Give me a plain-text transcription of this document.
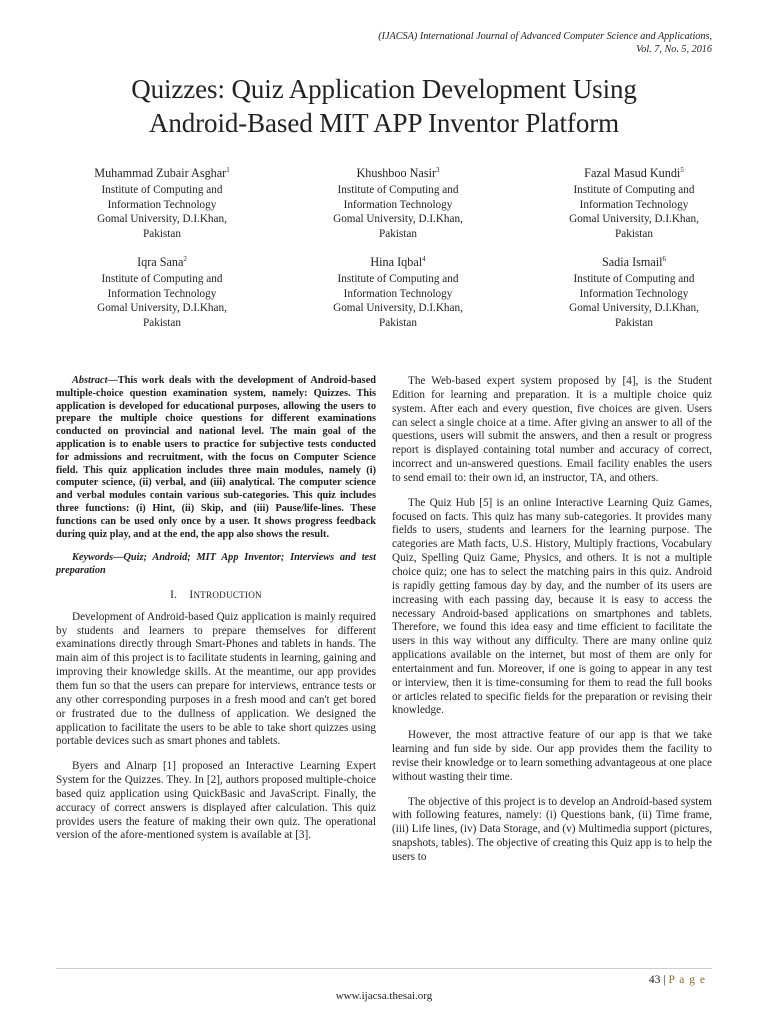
(IJACSA) International Journal of Advanced Computer Science and Applications,
Vol. 7, No. 5, 2016
Quizzes: Quiz Application Development Using
Android-Based MIT APP Inventor Platform
Muhammad Zubair Asghar$^1$
Institute of Computing and
Information Technology
Gomal University, D.I.Khan,
Pakistan
Khushboo Nasir$^3$
Institute of Computing and
Information Technology
Gomal University, D.I.Khan,
Pakistan
Fazal Masud Kundi$^5$
Institute of Computing and
Information Technology
Gomal University, D.I.Khan,
Pakistan
Iqra Sana$^2$
Institute of Computing and
Information Technology
Gomal University, D.I.Khan,
Pakistan
Hina Iqbal$^4$
Institute of Computing and
Information Technology
Gomal University, D.I.Khan,
Pakistan
Sadia Ismail$^6$
Institute of Computing and
Information Technology
Gomal University, D.I.Khan,
Pakistan

Abstract—This work deals with the development of Android-based multiple-choice question examination system, namely: Quizzes. This application is developed for educational purposes, allowing the users to prepare the multiple choice questions for different examinations conducted on provincial and national level. The main goal of the application is to enable users to practice for subjective tests conducted for admissions and recruitment, with the focus on Computer Science field. This quiz application includes three main modules, namely (i) computer science, (ii) verbal, and (iii) analytical. The computer science and verbal modules contain various sub-categories. This quiz includes three functions: (i) Hint, (ii) Skip, and (iii) Pause/life-lines. These functions can be used only once by a user. It shows progress feedback during quiz play, and at the end, the app also shows the result.

Keywords—Quiz; Android; MIT App Inventor; Interviews and test preparation

I. INTRODUCTION

Development of Android-based Quiz application is mainly required by students and learners to prepare themselves for different examinations directly through Smart-Phones and tablets in hands. The main aim of this project is to facilitate students in learning, gaining and improving their knowledge skills. At the meantime, our app provides them fun so that the users can prepare for interviews, entrance tests or any other corresponding purposes in a fresh mood and can't get bored or frustrated due to the dullness of application. We designed the application to facilitate the users to be able to take short quizzes using portable devices such as smart phones and tablets.

Byers and Alnarp [1] proposed an Interactive Learning Expert System for the Quizzes. They. In [2], authors proposed multiple-choice based quiz application using QuickBasic and JavaScript. Finally, the accuracy of correct answers is displayed after calculation. This quiz provides users the feature of making their own quiz. The operational version of the afore-mentioned system is available at [3].

The Web-based expert system proposed by [4], is the Student Edition for learning and preparation. It is a multiple choice quiz system. After each and every question, five choices are given. Users can select a single choice at a time. After giving an answer to all of the questions, users will submit the answers, and then a result or progress report is displayed containing total number and accuracy of correct, incorrect and un-answered questions. Email facility enables the users to send email to: their own id, an instructor, TA, and others.

The Quiz Hub [5] is an online Interactive Learning Quiz Games, focused on facts. This quiz has many sub-categories. It provides many fields to users, students and learners for the learning purpose. The categories are Math facts, U.S. History, Multiply fractions, Vocabulary Quiz, Spelling Quiz Game, Physics, and others. It is not a multiple choice quiz; one has to select the matching pairs in this quiz. Android is rapidly getting famous day by day, and the number of its users are increasing with each passing day, because it is easy to access the necessary Android-based applications on smartphones and tablets. Therefore, we found this idea easy and time efficient to facilitate the users in this way without any difficulty. There are many online quiz applications available on the internet, but most of them are only for entertainment and fun. Moreover, if one is going to appear in any test or interview, then it is time-consuming for them to read the full books or articles related to specific fields for the preparation or revising their knowledge.

However, the most attractive feature of our app is that we take learning and fun side by side. Our app provides them the facility to revise their knowledge or to learn something advantageous at one place without wasting their time.

The objective of this project is to develop an Android-based system with following features, namely: (i) Questions bank, (ii) Time frame, (iii) Life lines, (iv) Data Storage, and (v) Multimedia support (pictures, snapshots, tables). The objective of creating this Quiz app is to help the users to

43 | P a g e
www.ijacsa.thesai.org
